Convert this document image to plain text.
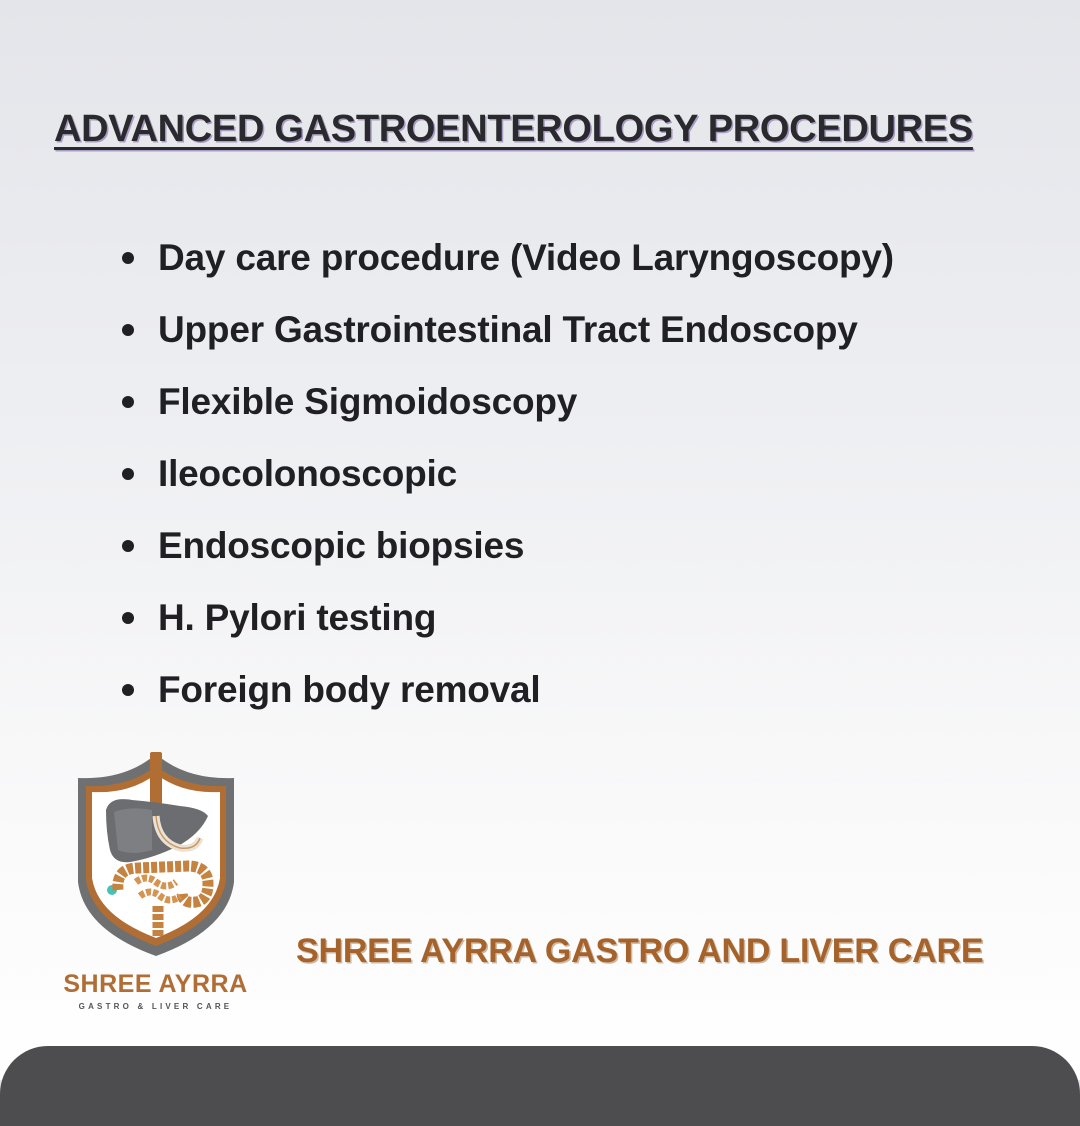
ADVANCED GASTROENTEROLOGY PROCEDURES
Day care procedure (Video Laryngoscopy)
Upper Gastrointestinal Tract Endoscopy
Flexible Sigmoidoscopy
Ileocolonoscopic
Endoscopic biopsies
H. Pylori testing
Foreign body removal
SHREE AYRRA
GASTRO & LIVER CARE
SHREE AYRRA GASTRO AND LIVER CARE
